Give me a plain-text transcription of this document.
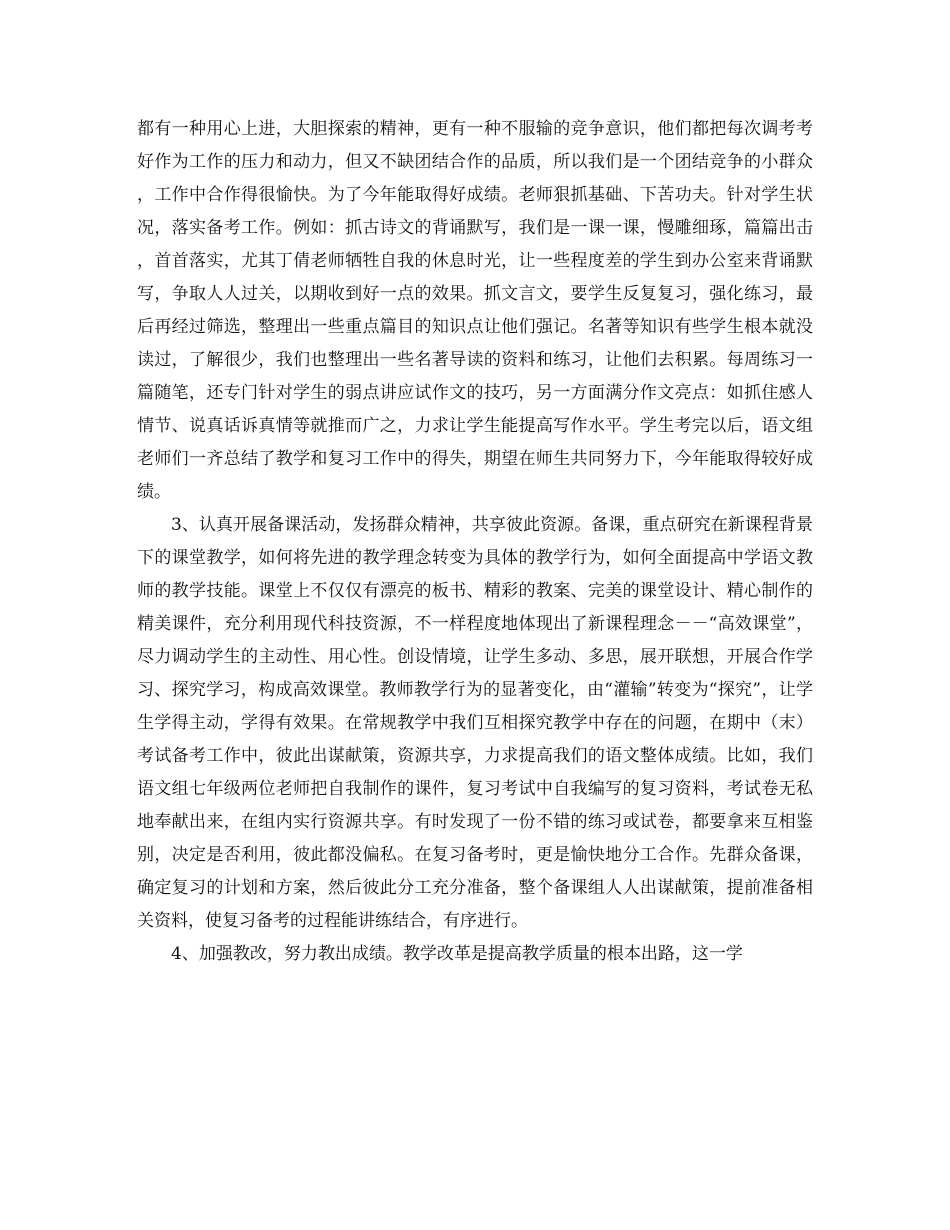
都有一种用心上进，大胆探索的精神，更有一种不服输的竞争意识，他们都把每次调考考好作为工作的压力和动力，但又不缺团结合作的品质，所以我们是一个团结竞争的小群众，工作中合作得很愉快。为了今年能取得好成绩。老师狠抓基础、下苦功夫。针对学生状况，落实备考工作。例如：抓古诗文的背诵默写，我们是一课一课，慢雕细琢，篇篇出击，首首落实，尤其丁倩老师牺牲自我的休息时光，让一些程度差的学生到办公室来背诵默写，争取人人过关，以期收到好一点的效果。抓文言文，要学生反复复习，强化练习，最后再经过筛选，整理出一些重点篇目的知识点让他们强记。名著等知识有些学生根本就没读过，了解很少，我们也整理出一些名著导读的资料和练习，让他们去积累。每周练习一篇随笔，还专门针对学生的弱点讲应试作文的技巧，另一方面满分作文亮点：如抓住感人情节、说真话诉真情等就推而广之，力求让学生能提高写作水平。学生考完以后，语文组老师们一齐总结了教学和复习工作中的得失，期望在师生共同努力下，今年能取得较好成绩。

3、认真开展备课活动，发扬群众精神，共享彼此资源。备课，重点研究在新课程背景下的课堂教学，如何将先进的教学理念转变为具体的教学行为，如何全面提高中学语文教师的教学技能。课堂上不仅仅有漂亮的板书、精彩的教案、完美的课堂设计、精心制作的精美课件，充分利用现代科技资源，不一样程度地体现出了新课程理念－－“高效课堂”，尽力调动学生的主动性、用心性。创设情境，让学生多动、多思，展开联想，开展合作学习、探究学习，构成高效课堂。教师教学行为的显著变化，由“灌输”转变为“探究”，让学生学得主动，学得有效果。在常规教学中我们互相探究教学中存在的问题，在期中（末）考试备考工作中，彼此出谋献策，资源共享，力求提高我们的语文整体成绩。比如，我们语文组七年级两位老师把自我制作的课件，复习考试中自我编写的复习资料，考试卷无私地奉献出来，在组内实行资源共享。有时发现了一份不错的练习或试卷，都要拿来互相鉴别，决定是否利用，彼此都没偏私。在复习备考时，更是愉快地分工合作。先群众备课，确定复习的计划和方案，然后彼此分工充分准备，整个备课组人人出谋献策，提前准备相关资料，使复习备考的过程能讲练结合，有序进行。

4、加强教改，努力教出成绩。教学改革是提高教学质量的根本出路，这一学
